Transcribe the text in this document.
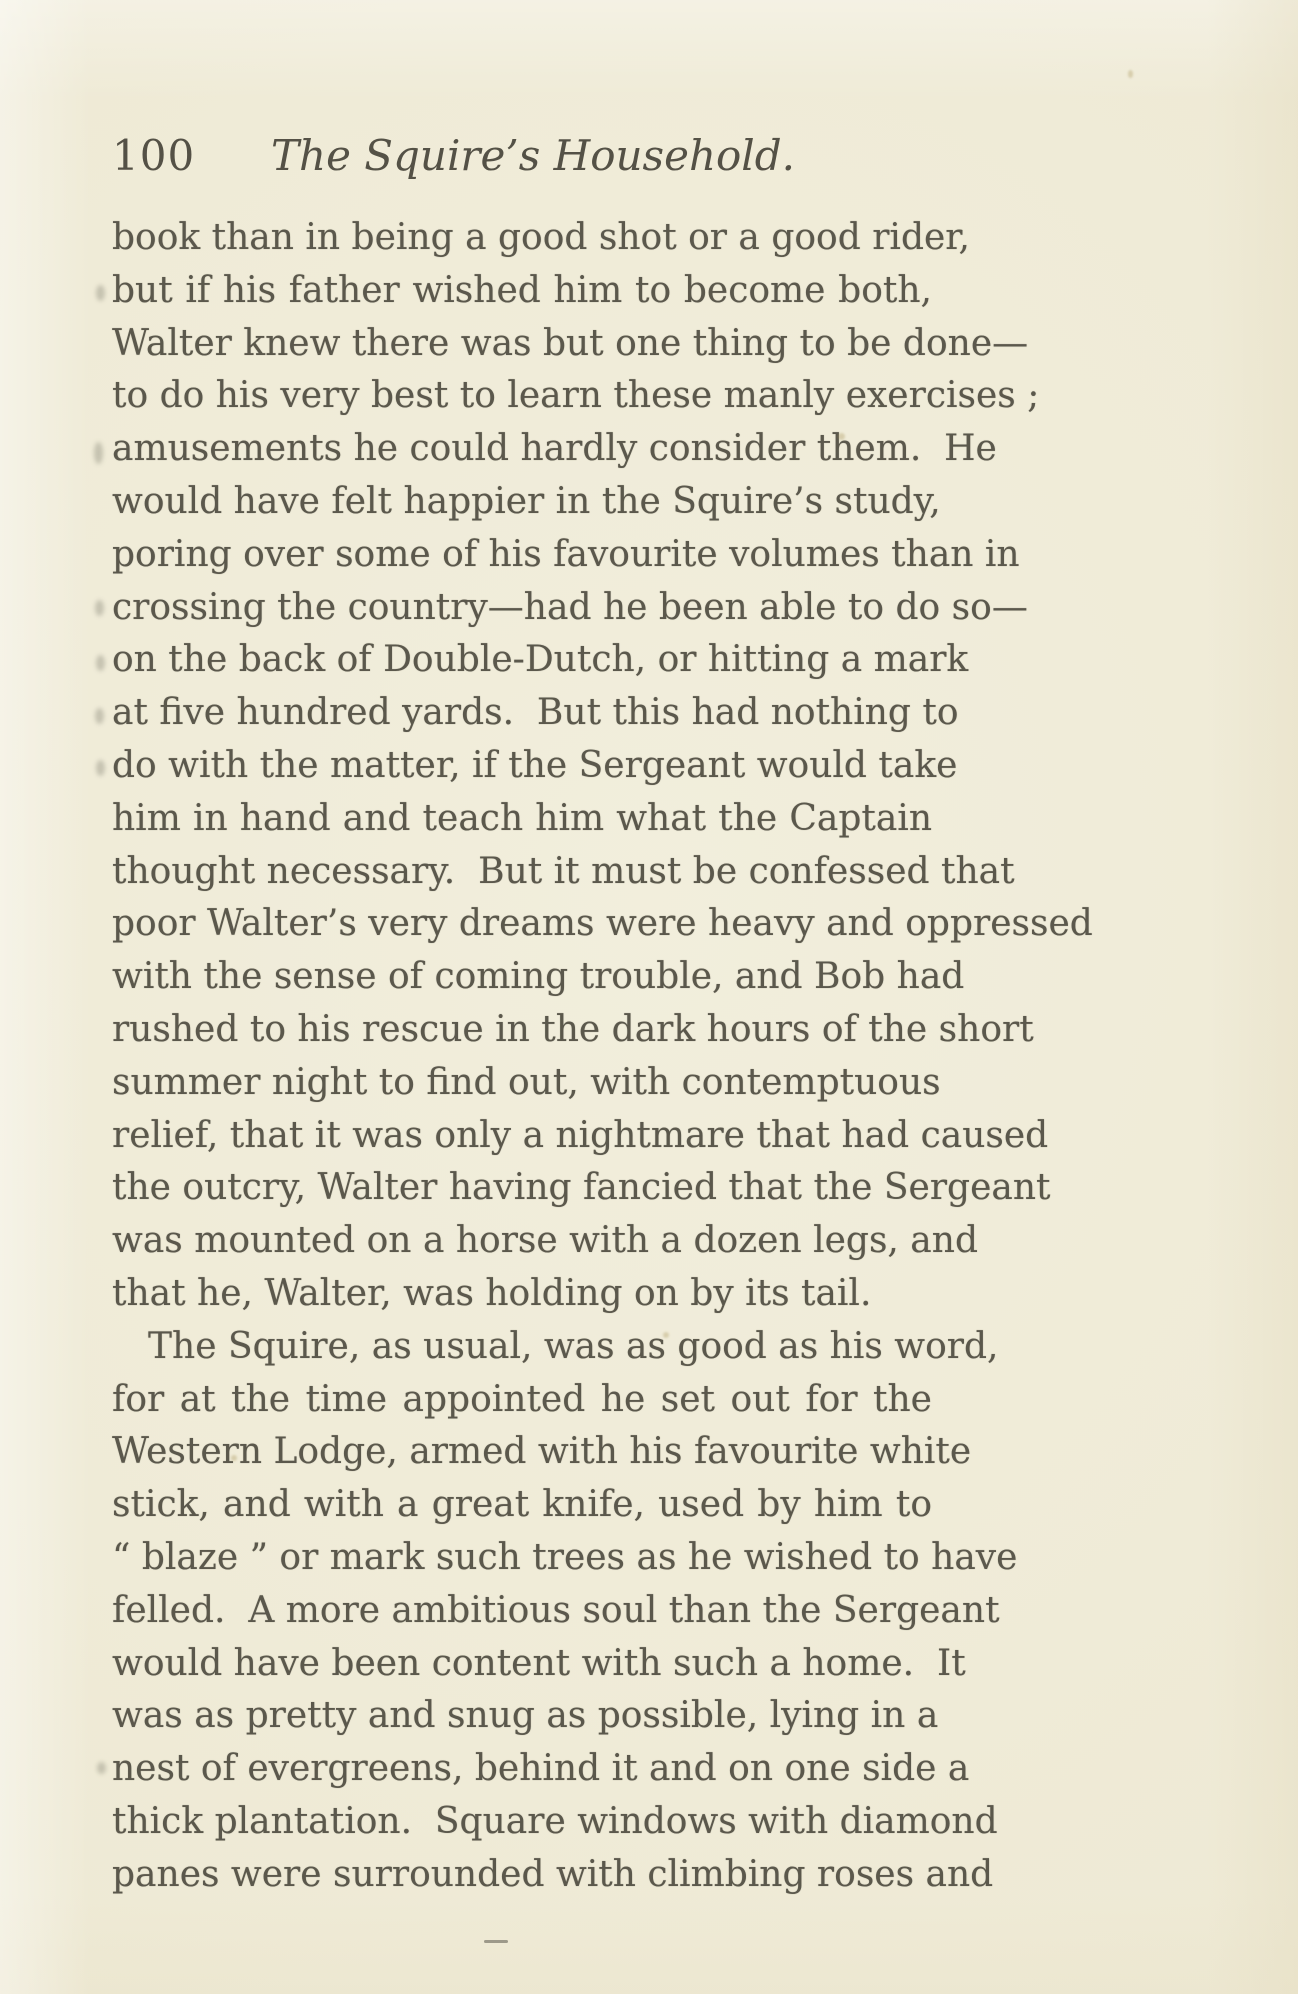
100	The Squire’s Household.
book than in being a good shot or a good rider,
but if his father wished him to become both,
Walter knew there was but one thing to be done—
to do his very best to learn these manly exercises ;
amusements he could hardly consider them.  He
would have felt happier in the Squire’s study,
poring over some of his favourite volumes than in
crossing the country—had he been able to do so—
on the back of Double-Dutch, or hitting a mark
at five hundred yards.  But this had nothing to
do with the matter, if the Sergeant would take
him in hand and teach him what the Captain
thought necessary.  But it must be confessed that
poor Walter’s very dreams were heavy and oppressed
with the sense of coming trouble, and Bob had
rushed to his rescue in the dark hours of the short
summer night to find out, with contemptuous
relief, that it was only a nightmare that had caused
the outcry, Walter having fancied that the Sergeant
was mounted on a horse with a dozen legs, and
that he, Walter, was holding on by its tail.
The Squire, as usual, was as good as his word,
for at the time appointed he set out for the
Western Lodge, armed with his favourite white
stick, and with a great knife, used by him to
“ blaze ” or mark such trees as he wished to have
felled.  A more ambitious soul than the Sergeant
would have been content with such a home.  It
was as pretty and snug as possible, lying in a
nest of evergreens, behind it and on one side a
thick plantation.  Square windows with diamond
panes were surrounded with climbing roses and
